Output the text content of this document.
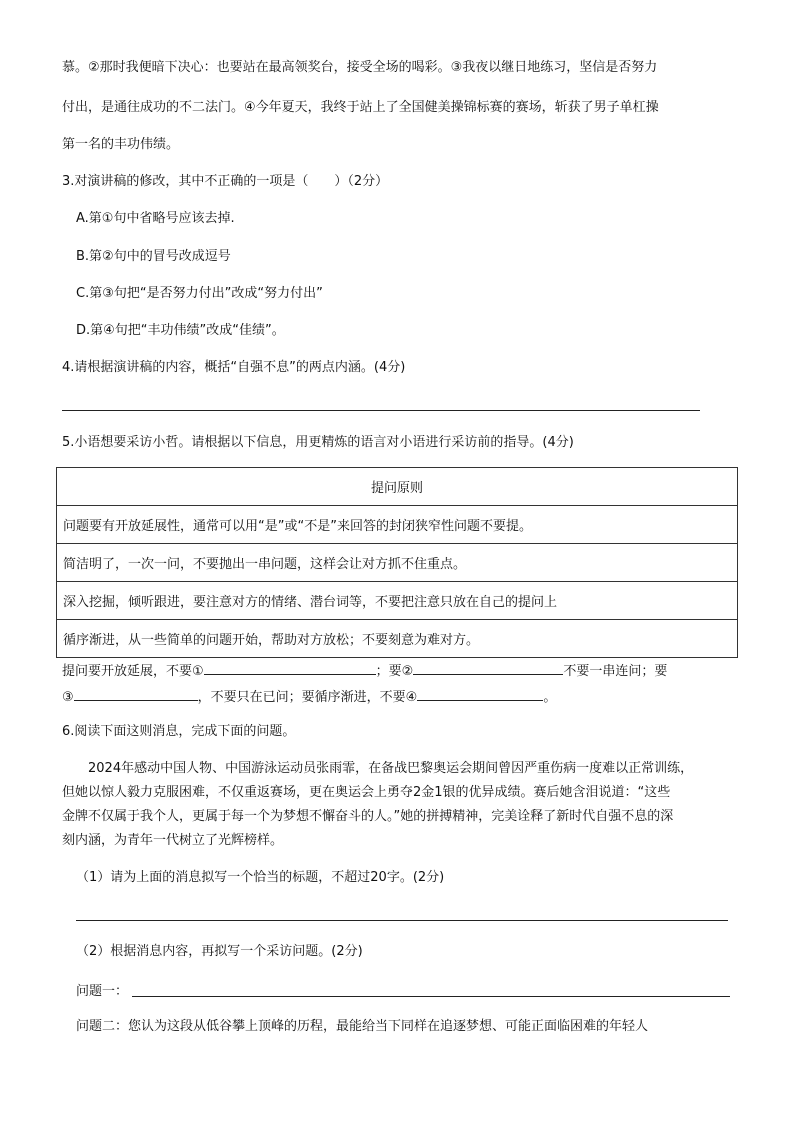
慕。②那时我便暗下决心：也要站在最高领奖台，接受全场的喝彩。③我夜以继日地练习，坚信是否努力
付出，是通往成功的不二法门。④今年夏天，我终于站上了全国健美操锦标赛的赛场，斩获了男子单杠操
第一名的丰功伟绩。
3.对演讲稿的修改，其中不正确的一项是（　　）（2分）
A.第①句中省略号应该去掉.
B.第②句中的冒号改成逗号
C.第③句把“是否努力付出”改成“努力付出”
D.第④句把“丰功伟绩”改成“佳绩”。
4.请根据演讲稿的内容，概括“自强不息”的两点内涵。(4分)
5.小语想要采访小哲。请根据以下信息，用更精炼的语言对小语进行采访前的指导。(4分)
提问原则
问题要有开放延展性，通常可以用“是”或“不是”来回答的封闭狭窄性问题不要提。
简洁明了，一次一问，不要抛出一串问题，这样会让对方抓不住重点。
深入挖掘，倾听跟进，要注意对方的情绪、潜台词等，不要把注意只放在自己的提问上
循序渐进，从一些简单的问题开始，帮助对方放松；不要刻意为难对方。
提问要开放延展，不要①	；要②	不要一串连问；要
③	，不要只在已问；要循序渐进，不要④	。
6.阅读下面这则消息，完成下面的问题。
2024年感动中国人物、中国游泳运动员张雨霏，在备战巴黎奥运会期间曾因严重伤病一度难以正常训练，
但她以惊人毅力克服困难，不仅重返赛场，更在奥运会上勇夺2金1银的优异成绩。赛后她含泪说道：“这些
金牌不仅属于我个人，更属于每一个为梦想不懈奋斗的人。”她的拼搏精神，完美诠释了新时代自强不息的深
刻内涵，为青年一代树立了光辉榜样。
（1）请为上面的消息拟写一个恰当的标题，不超过20字。(2分)
（2）根据消息内容，再拟写一个采访问题。(2分)
问题一：
问题二：您认为这段从低谷攀上顶峰的历程，最能给当下同样在追逐梦想、可能正面临困难的年轻人
